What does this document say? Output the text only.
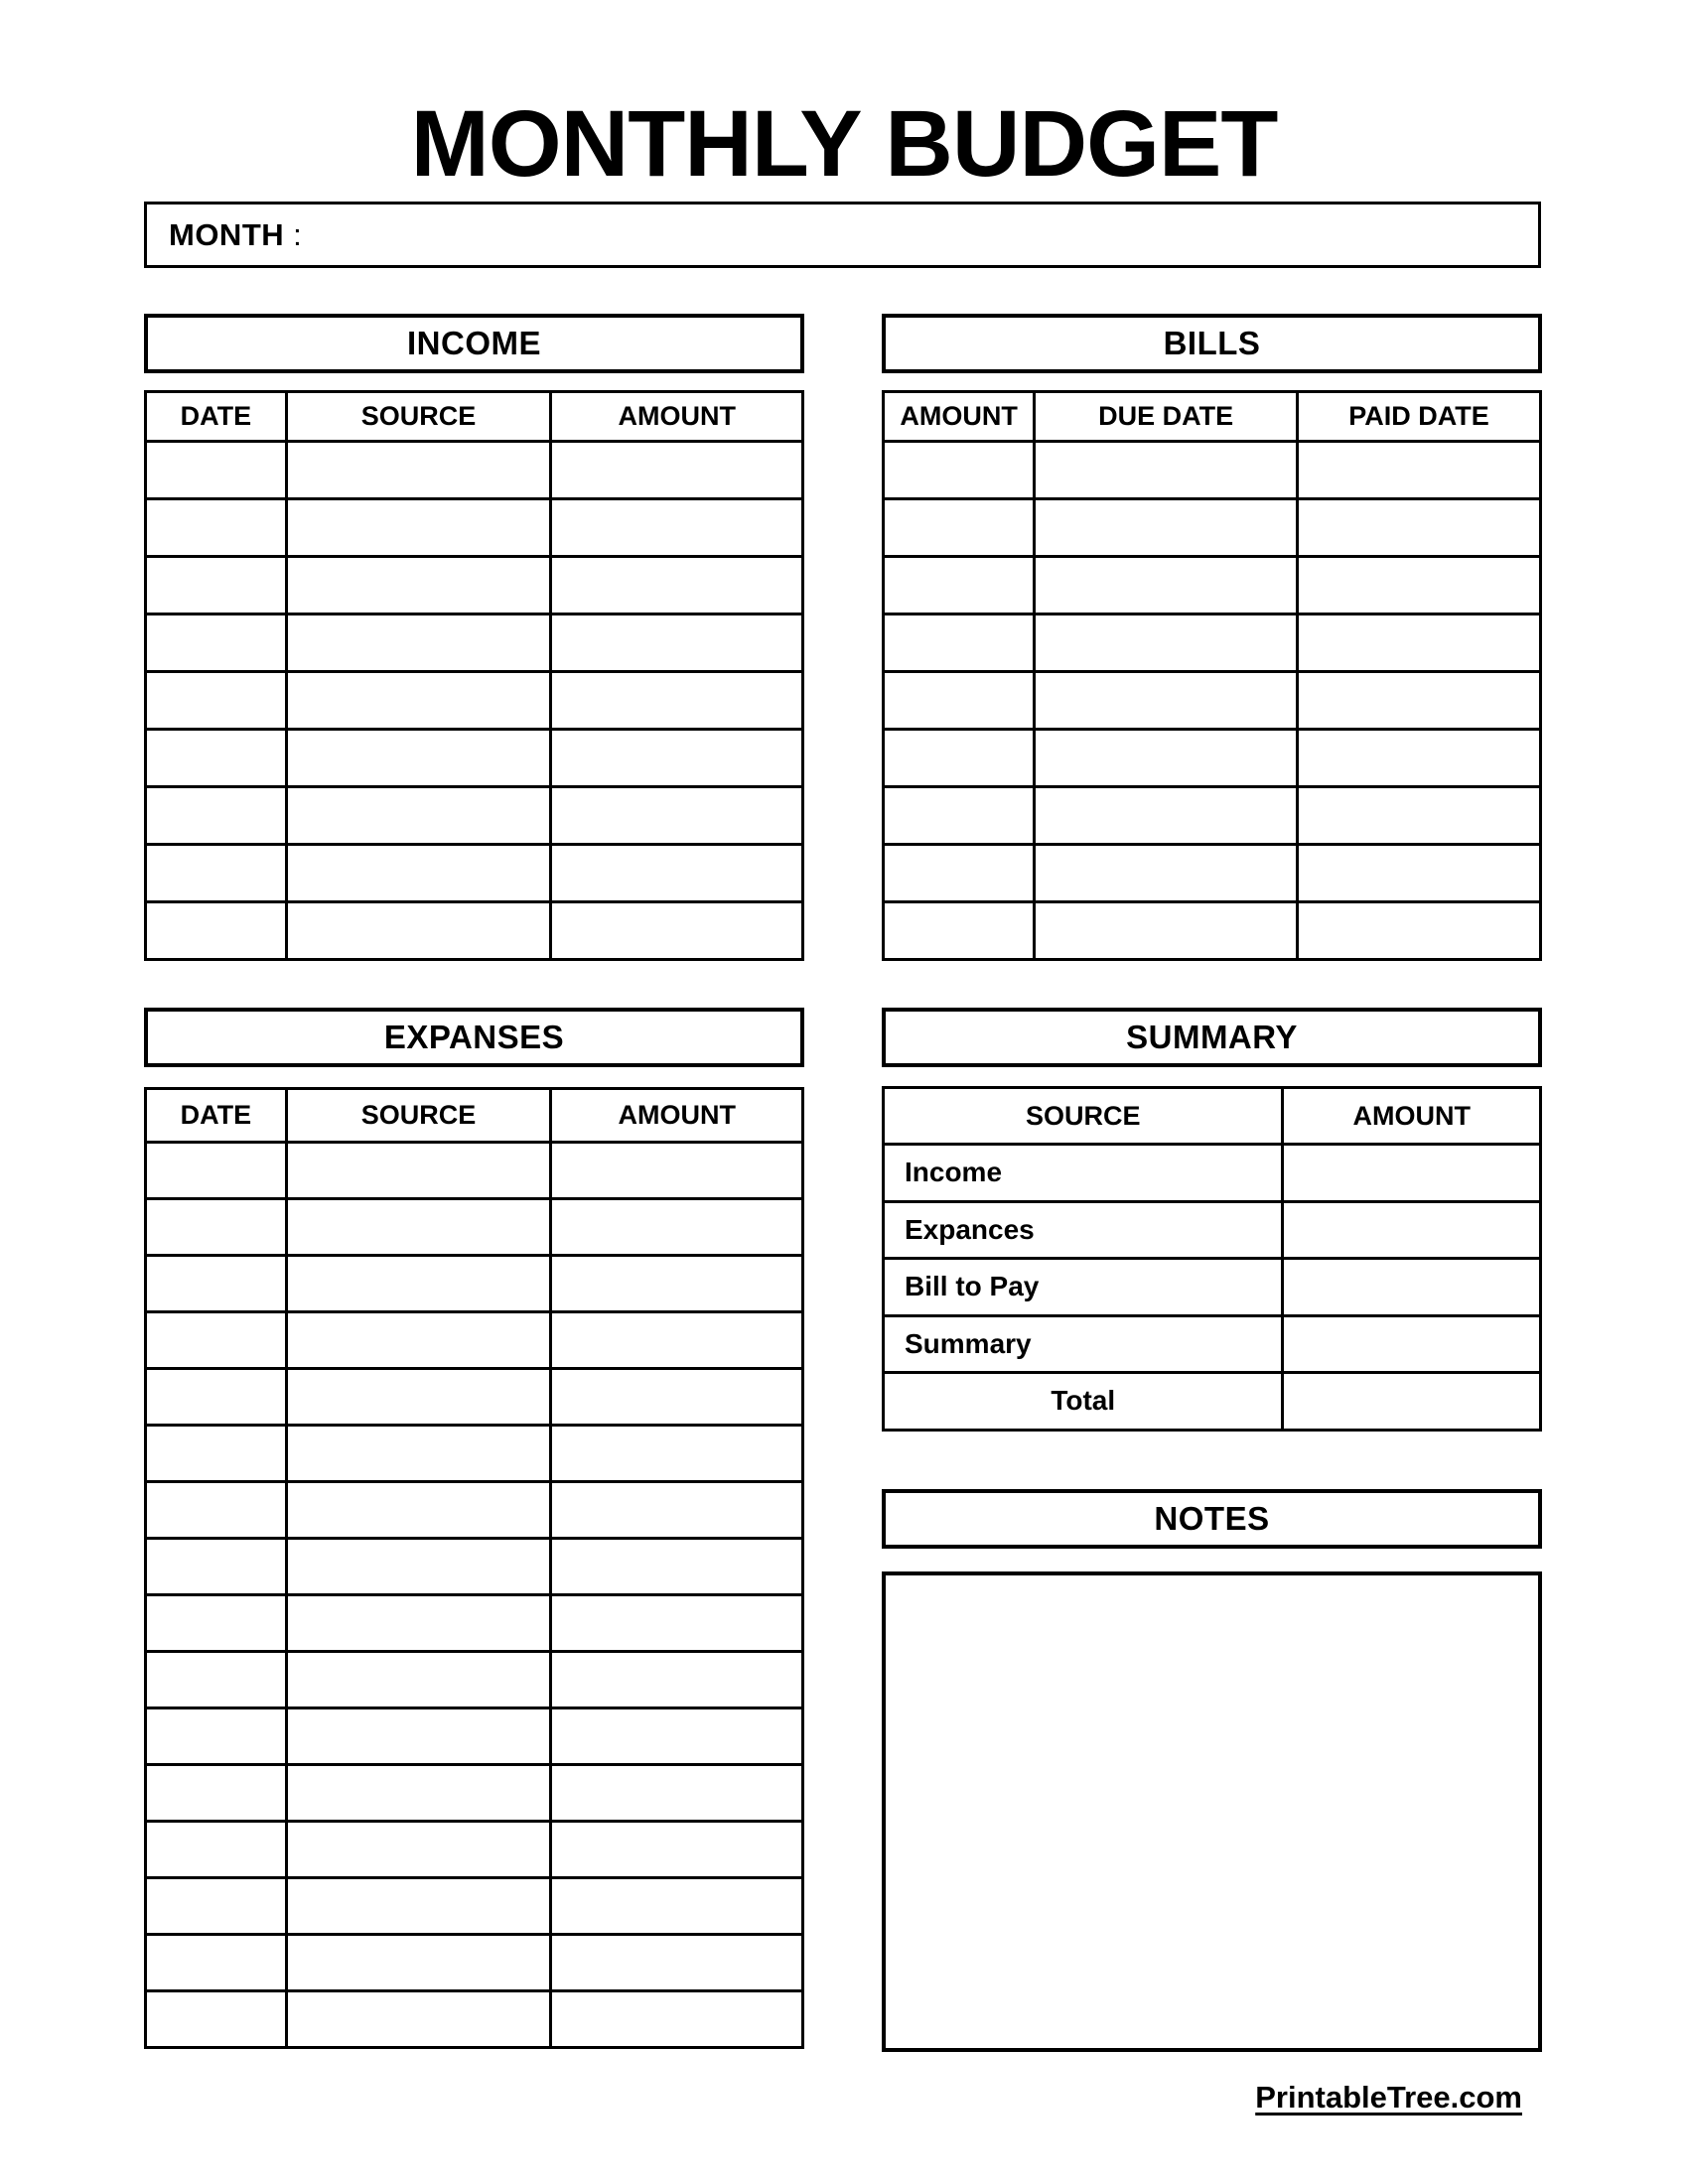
MONTHLY BUDGET
MONTH :
INCOME
DATE	SOURCE	AMOUNT

EXPANSES
DATE	SOURCE	AMOUNT

BILLS
AMOUNT	DUE DATE	PAID DATE

SUMMARY
SOURCE	AMOUNT
Income	
Expances	
Bill to Pay	
Summary	
Total	
NOTES
PrintableTree.com
